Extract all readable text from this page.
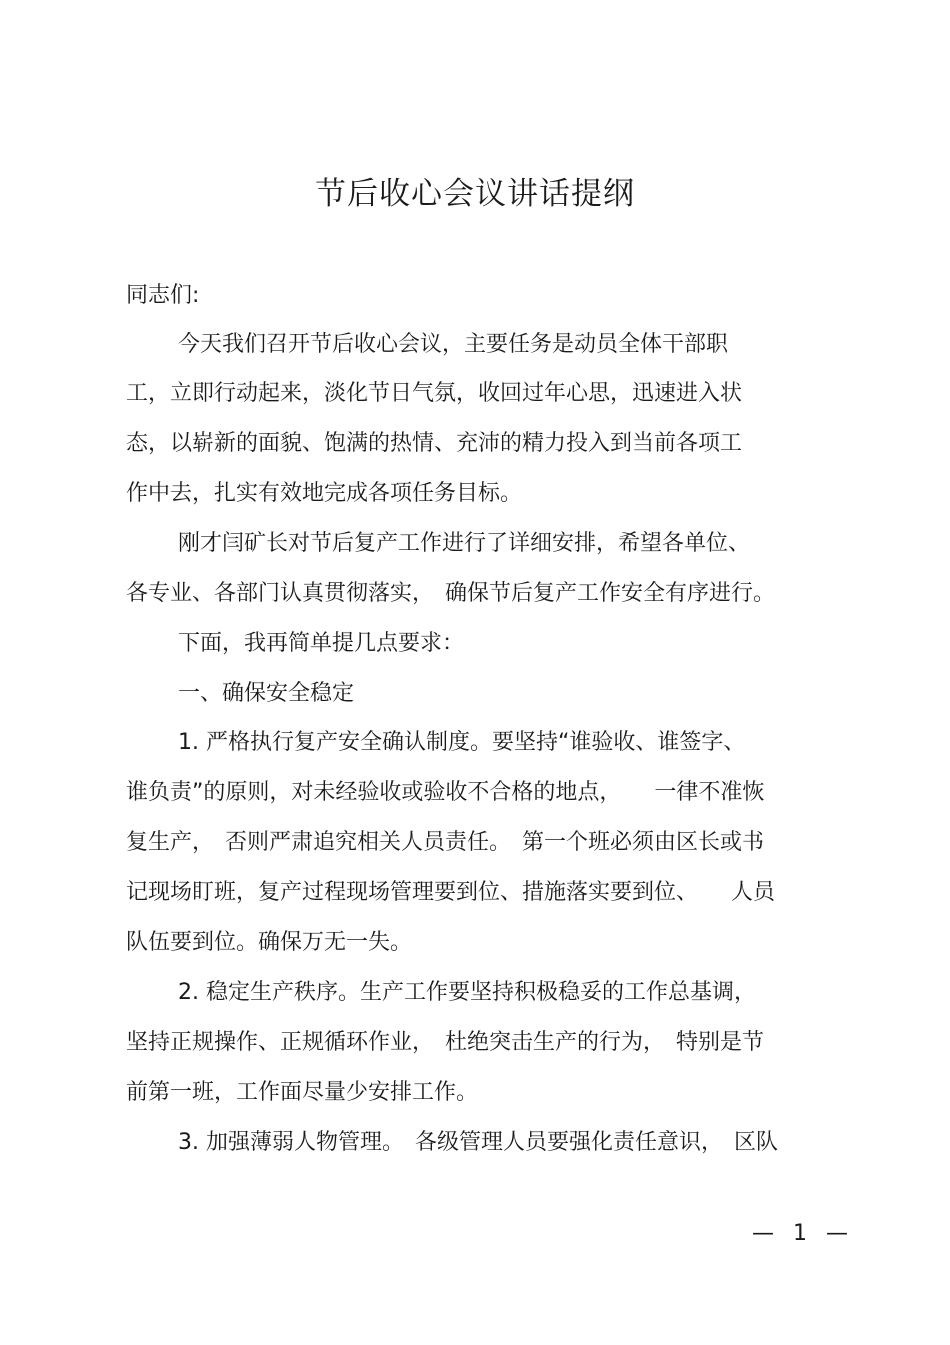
节后收心会议讲话提纲
同志们:
今天我们召开节后收心会议，主要任务是动员全体干部职
工，立即行动起来，淡化节日气氛，收回过年心思，迅速进入状
态，以崭新的面貌、饱满的热情、充沛的精力投入到当前各项工
作中去，扎实有效地完成各项任务目标。
刚才闫矿长对节后复产工作进行了详细安排，希望各单位、
各专业、各部门认真贯彻落实，　确保节后复产工作安全有序进行。
下面，我再简单提几点要求：
一、确保安全稳定
1. 严格执行复产安全确认制度。要坚持“谁验收、谁签字、
谁负责”的原则，对未经验收或验收不合格的地点，　　一律不准恢
复生产，　否则严肃追究相关人员责任。　第一个班必须由区长或书
记现场盯班，复产过程现场管理要到位、措施落实要到位、　　人员
队伍要到位。确保万无一失。
2. 稳定生产秩序。生产工作要坚持积极稳妥的工作总基调，
坚持正规操作、正规循环作业，　杜绝突击生产的行为，　特别是节
前第一班，工作面尽量少安排工作。
3. 加强薄弱人物管理。　各级管理人员要强化责任意识，　区队
— 1 —
